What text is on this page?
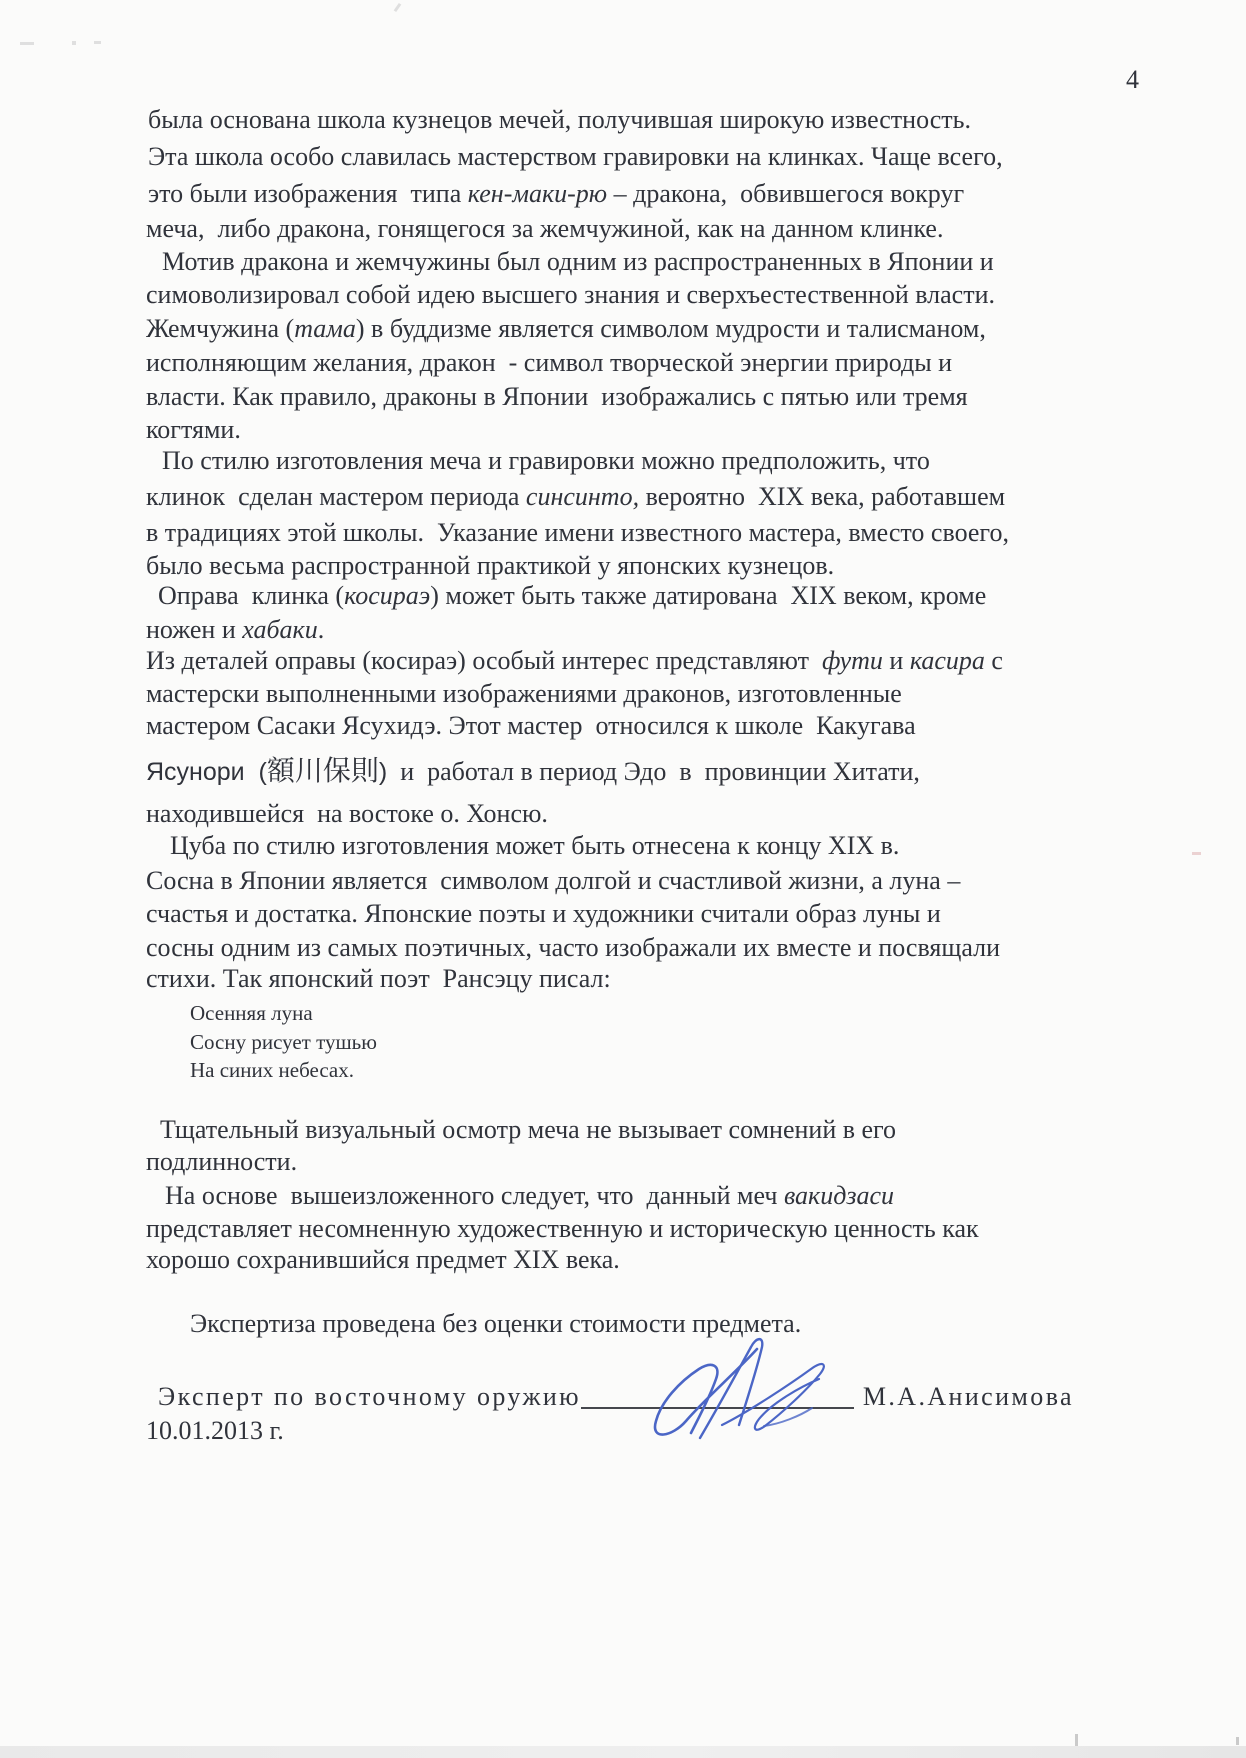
4
была основана школа кузнецов мечей, получившая широкую известность.
Эта школа особо славилась мастерством гравировки на клинках. Чаще всего,
это были изображения  типа кен-маки-рю – дракона,  обвившегося вокруг
меча,  либо дракона, гонящегося за жемчужиной, как на данном клинке.
Мотив дракона и жемчужины был одним из распространенных в Японии и
симоволизировал собой идею высшего знания и сверхъестественной власти.
Жемчужина (тама) в буддизме является символом мудрости и талисманом,
исполняющим желания, дракон  - символ творческой энергии природы и
власти. Как правило, драконы в Японии  изображались с пятью или тремя
когтями.
По стилю изготовления меча и гравировки можно предположить, что
клинок  сделан мастером периода синсинто, вероятно  XIX века, работавшем
в традициях этой школы.  Указание имени известного мастера, вместо своего,
было весьма распространной практикой у японских кузнецов.
Оправа  клинка (косираэ) может быть также датирована  XIX веком, кроме
ножен и хабаки.
Из деталей оправы (косираэ) особый интерес представляют  фути и касира с
мастерски выполненными изображениями драконов, изготовленные
мастером Сасаки Ясухидэ. Этот мастер  относился к школе  Какугава
Ясунори  (額川保則)  и  работал в период Эдо  в  провинции Хитати,
находившейся  на востоке о. Хонсю.
Цуба по стилю изготовления может быть отнесена к концу XIX в.
Сосна в Японии является  символом долгой и счастливой жизни, а луна –
счастья и достатка. Японские поэты и художники считали образ луны и
сосны одним из самых поэтичных, часто изображали их вместе и посвящали
стихи. Так японский поэт  Рансэцу писал:
Осенняя луна
Сосну рисует тушью
На синих небесах.
Тщательный визуальный осмотр меча не вызывает сомнений в его
подлинности.
На основе  вышеизложенного следует, что  данный меч вакидзаси
представляет несомненную художественную и историческую ценность как
хорошо сохранившийся предмет XIX века.
Экспертиза проведена без оценки стоимости предмета.
Эксперт по восточному оружию	М.А.Анисимова
10.01.2013 г.
